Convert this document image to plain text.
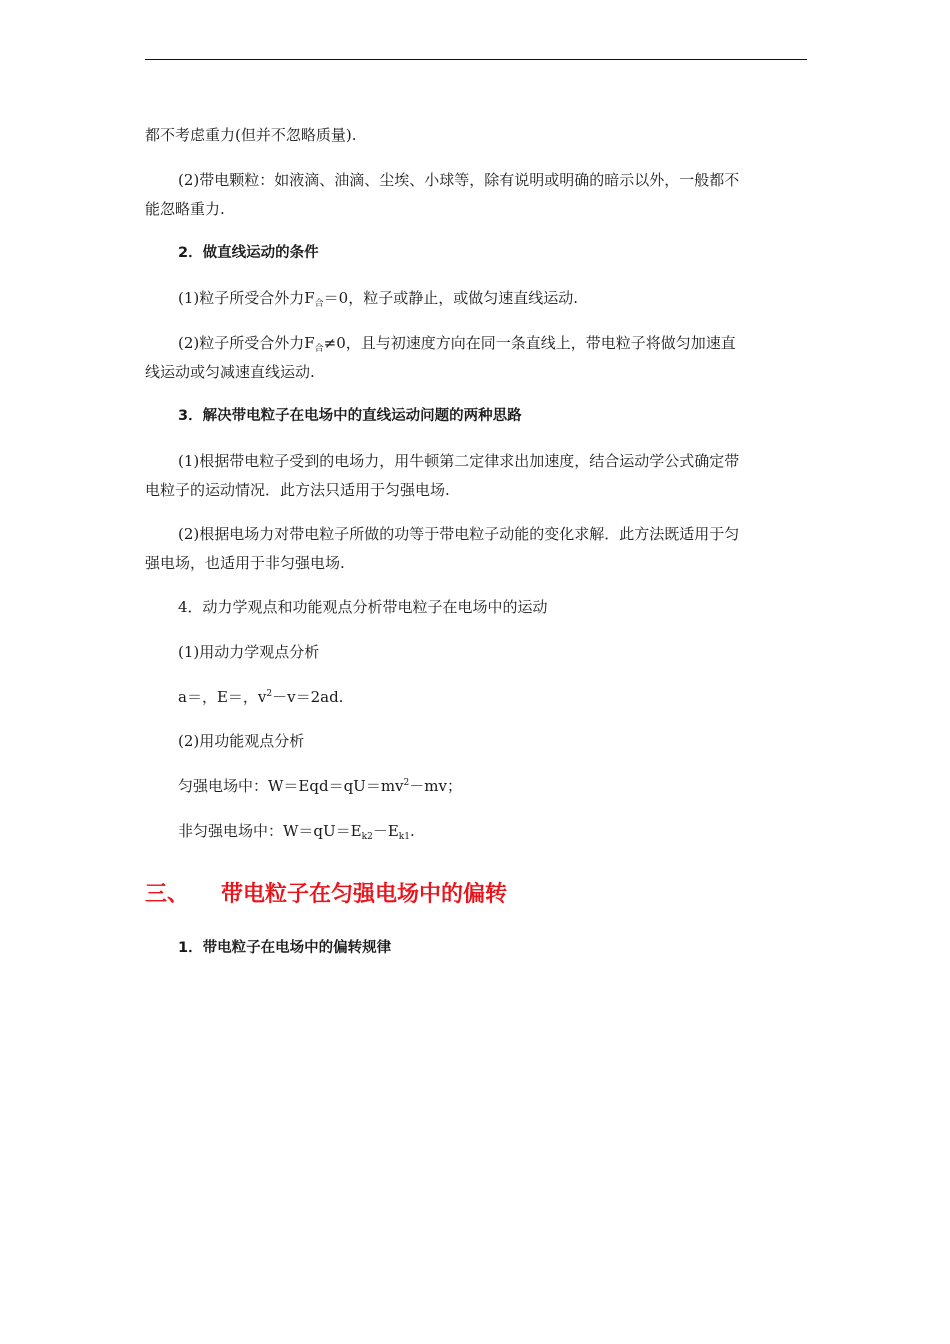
都不考虑重力(但并不忽略质量).
(2)带电颗粒：如液滴、油滴、尘埃、小球等，除有说明或明确的暗示以外，一般都不
能忽略重力.
2．做直线运动的条件
(1)粒子所受合外力$F_合=0$，粒子或静止，或做匀速直线运动.
(2)粒子所受合外力$F_合\ne 0$，且与初速度方向在同一条直线上，带电粒子将做匀加速直
线运动或匀减速直线运动.
3．解决带电粒子在电场中的直线运动问题的两种思路
(1)根据带电粒子受到的电场力，用牛顿第二定律求出加速度，结合运动学公式确定带
电粒子的运动情况．此方法只适用于匀强电场.
(2)根据电场力对带电粒子所做的功等于带电粒子动能的变化求解．此方法既适用于匀
强电场，也适用于非匀强电场.
4．动力学观点和功能观点分析带电粒子在电场中的运动
(1)用动力学观点分析
a＝，E＝，$v^2-v=2ad$.
(2)用功能观点分析
匀强电场中：$W=Eqd=qU=mv^2-mv$；
非匀强电场中：$W=qU=E_{k2}-E_{k1}$.
三、 带电粒子在匀强电场中的偏转
1．带电粒子在电场中的偏转规律
